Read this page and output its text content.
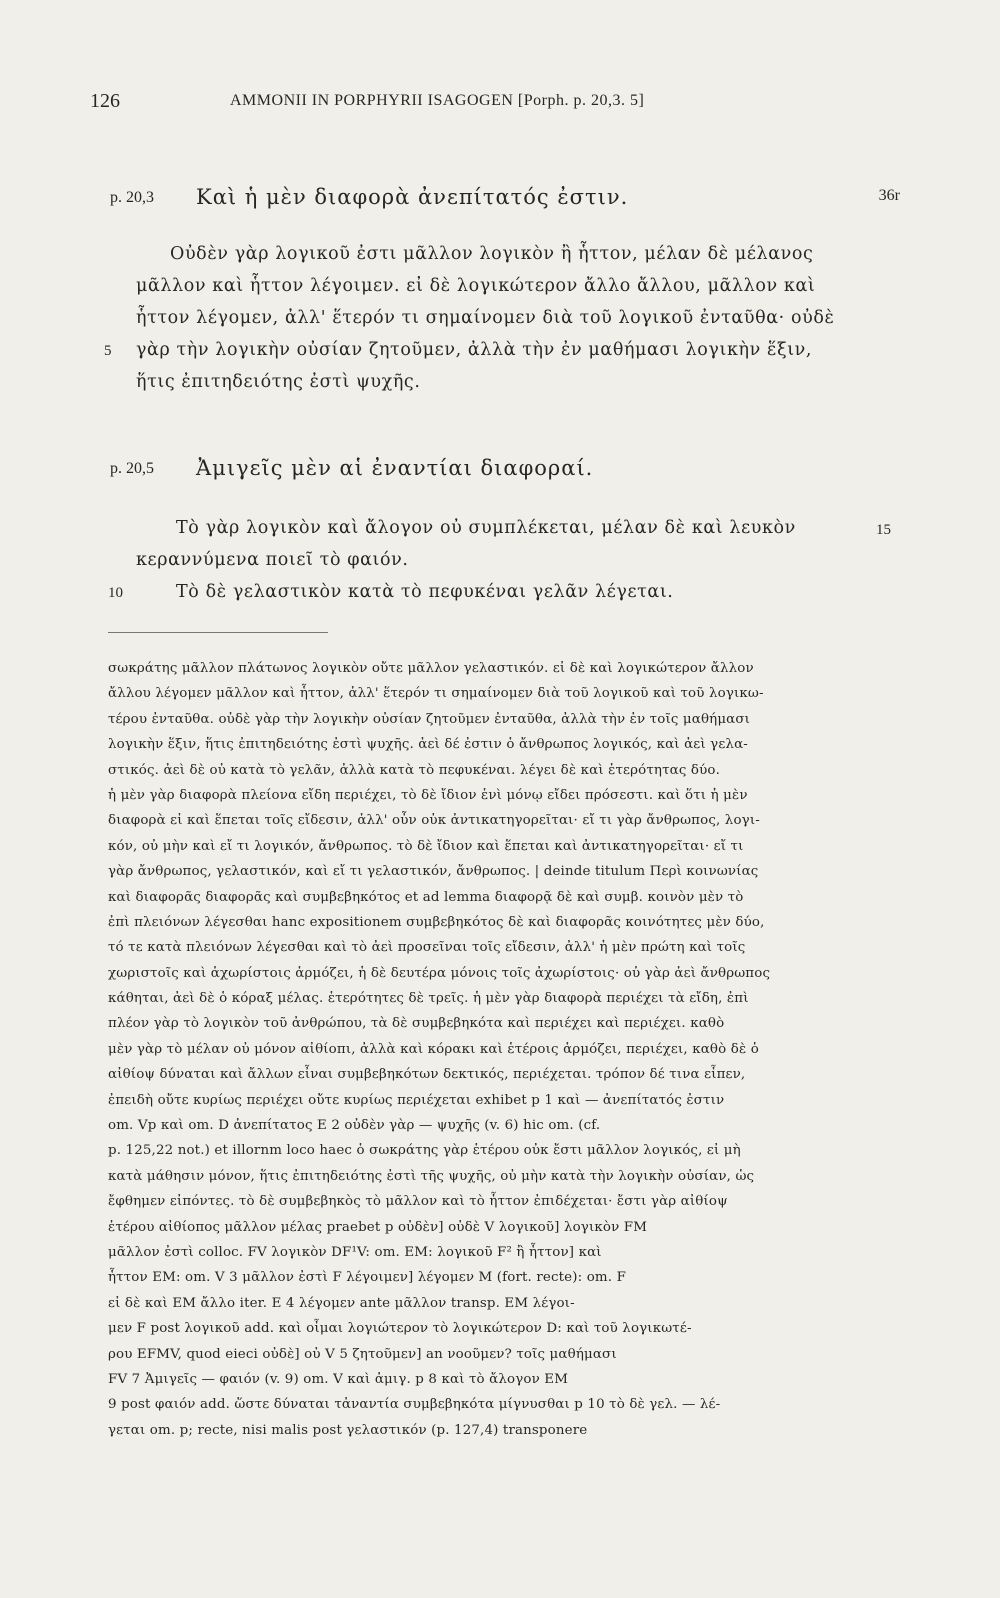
126	AMMONII IN PORPHYRII ISAGOGEN [Porph. p. 20,3. 5]
p. 20,3 Καὶ ἡ μὲν διαφορὰ ἀνεπίτατός ἐστιν.	36r
Οὐδὲν γὰρ λογικοῦ ἐστι μᾶλλον λογικὸν ἢ ἧττον, μέλαν δὲ μέλανος
μᾶλλον καὶ ἧττον λέγοιμεν. εἰ δὲ λογικώτερον ἄλλο ἄλλου, μᾶλλον καὶ
ἧττον λέγομεν, ἀλλ' ἕτερόν τι σημαίνομεν διὰ τοῦ λογικοῦ ἐνταῦθα· οὐδὲ
5 γὰρ τὴν λογικὴν οὐσίαν ζητοῦμεν, ἀλλὰ τὴν ἐν μαθήμασι λογικὴν ἕξιν,
ἥτις ἐπιτηδειότης ἐστὶ ψυχῆς.
p. 20,5 Ἀμιγεῖς μὲν αἱ ἐναντίαι διαφοραί.
Τὸ γὰρ λογικὸν καὶ ἄλογον οὐ συμπλέκεται, μέλαν δὲ καὶ λευκὸν	15
κεραννύμενα ποιεῖ τὸ φαιόν.
10	Τὸ δὲ γελαστικὸν κατὰ τὸ πεφυκέναι γελᾶν λέγεται.
σωκράτης μᾶλλον πλάτωνος λογικὸν οὔτε μᾶλλον γελαστικόν. εἰ δὲ καὶ λογικώτερον ἄλλον
ἄλλου λέγομεν μᾶλλον καὶ ἧττον, ἀλλ' ἕτερόν τι σημαίνομεν διὰ τοῦ λογικοῦ καὶ τοῦ λογικω-
τέρου ἐνταῦθα. οὐδὲ γὰρ τὴν λογικὴν οὐσίαν ζητοῦμεν ἐνταῦθα, ἀλλὰ τὴν ἐν τοῖς μαθήμασι
λογικὴν ἕξιν, ἥτις ἐπιτηδειότης ἐστὶ ψυχῆς. ἀεὶ δέ ἐστιν ὁ ἄνθρωπος λογικός, καὶ ἀεὶ γελα-
στικός. ἀεὶ δὲ οὐ κατὰ τὸ γελᾶν, ἀλλὰ κατὰ τὸ πεφυκέναι. λέγει δὲ καὶ ἑτερότητας δύο.
ἡ μὲν γὰρ διαφορὰ πλείονα εἴδη περιέχει, τὸ δὲ ἴδιον ἑνὶ μόνῳ εἴδει πρόσεστι. καὶ ὅτι ἡ μὲν
διαφορὰ εἰ καὶ ἕπεται τοῖς εἴδεσιν, ἀλλ' οὖν οὐκ ἀντικατηγορεῖται· εἴ τι γὰρ ἄνθρωπος, λογι-
κόν, οὐ μὴν καὶ εἴ τι λογικόν, ἄνθρωπος. τὸ δὲ ἴδιον καὶ ἕπεται καὶ ἀντικατηγορεῖται· εἴ τι
γὰρ ἄνθρωπος, γελαστικόν, καὶ εἴ τι γελαστικόν, ἄνθρωπος. | deinde titulum Περὶ κοινωνίας
καὶ διαφορᾶς διαφορᾶς καὶ συμβεβηκότος et ad lemma διαφορᾷ δὲ καὶ συμβ. κοινὸν μὲν τὸ
ἐπὶ πλειόνων λέγεσθαι hanc expositionem συμβεβηκότος δὲ καὶ διαφορᾶς κοινότητες μὲν δύο,
τό τε κατὰ πλειόνων λέγεσθαι καὶ τὸ ἀεὶ προσεῖναι τοῖς εἴδεσιν, ἀλλ' ἡ μὲν πρώτη καὶ τοῖς
χωριστοῖς καὶ ἀχωρίστοις ἁρμόζει, ἡ δὲ δευτέρα μόνοις τοῖς ἀχωρίστοις· οὐ γὰρ ἀεὶ ἄνθρωπος
κάθηται, ἀεὶ δὲ ὁ κόραξ μέλας. ἑτερότητες δὲ τρεῖς. ἡ μὲν γὰρ διαφορὰ περιέχει τὰ εἴδη, ἐπὶ
πλέον γὰρ τὸ λογικὸν τοῦ ἀνθρώπου, τὰ δὲ συμβεβηκότα καὶ περιέχει καὶ περιέχει. καθὸ
μὲν γὰρ τὸ μέλαν οὐ μόνον αἰθίοπι, ἀλλὰ καὶ κόρακι καὶ ἑτέροις ἁρμόζει, περιέχει, καθὸ δὲ ὁ
αἰθίοψ δύναται καὶ ἄλλων εἶναι συμβεβηκότων δεκτικός, περιέχεται. τρόπον δέ τινα εἶπεν,
ἐπειδὴ οὔτε κυρίως περιέχει οὔτε κυρίως περιέχεται exhibet p 1 καὶ — ἀνεπίτατός ἐστιν
om. Vp καὶ om. D ἀνεπίτατος E 2 οὐδὲν γὰρ — ψυχῆς (v. 6) hic om. (cf.
p. 125,22 not.) et illornm loco haec ὁ σωκράτης γὰρ ἑτέρου οὐκ ἔστι μᾶλλον λογικός, εἰ μὴ
κατὰ μάθησιν μόνον, ἥτις ἐπιτηδειότης ἐστὶ τῆς ψυχῆς, οὐ μὴν κατὰ τὴν λογικὴν οὐσίαν, ὡς
ἔφθημεν εἰπόντες. τὸ δὲ συμβεβηκὸς τὸ μᾶλλον καὶ τὸ ἧττον ἐπιδέχεται· ἔστι γὰρ αἰθίοψ
ἑτέρου αἰθίοπος μᾶλλον μέλας praebet p οὐδὲν] οὐδὲ V λογικοῦ] λογικὸν FM
μᾶλλον ἐστὶ colloc. FV λογικὸν DF¹V: om. EM: λογικοῦ F² ἢ ἧττον] καὶ
ἧττον EM: om. V 3 μᾶλλον ἐστὶ F λέγοιμεν] λέγομεν M (fort. recte): om. F
εἰ δὲ καὶ EM ἄλλο iter. E 4 λέγομεν ante μᾶλλον transp. EM λέγοι-
μεν F post λογικοῦ add. καὶ οἶμαι λογιώτερον τὸ λογικώτερον D: καὶ τοῦ λογικωτέ-
ρου EFMV, quod eieci οὐδὲ] οὐ V 5 ζητοῦμεν] an νοοῦμεν? τοῖς μαθήμασι
FV 7 Ἀμιγεῖς — φαιόν (v. 9) om. V καὶ ἀμιγ. p 8 καὶ τὸ ἄλογον EM
9 post φαιόν add. ὥστε δύναται τἀναντία συμβεβηκότα μίγνυσθαι p 10 τὸ δὲ γελ. — λέ-
γεται om. p; recte, nisi malis post γελαστικόν (p. 127,4) transponere
